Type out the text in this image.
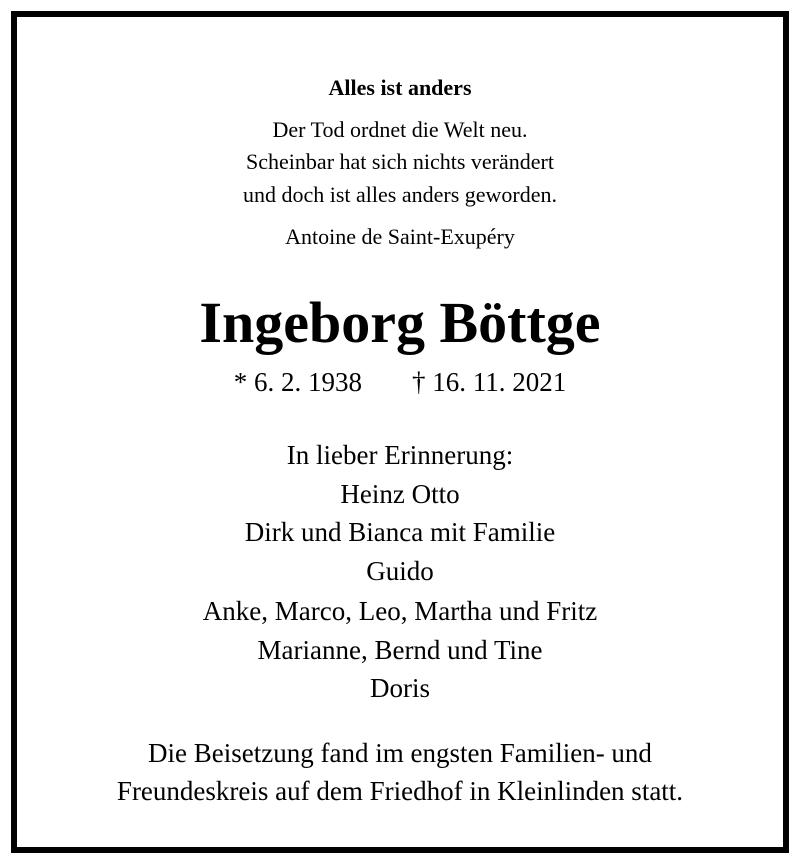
Alles ist anders
Der Tod ordnet die Welt neu.
Scheinbar hat sich nichts verändert
und doch ist alles anders geworden.
Antoine de Saint-Exupéry
Ingeborg Böttge
* 6. 2. 1938 † 16. 11. 2021
In lieber Erinnerung:
Heinz Otto
Dirk und Bianca mit Familie
Guido
Anke, Marco, Leo, Martha und Fritz
Marianne, Bernd und Tine
Doris
Die Beisetzung fand im engsten Familien- und
Freundeskreis auf dem Friedhof in Kleinlinden statt.
